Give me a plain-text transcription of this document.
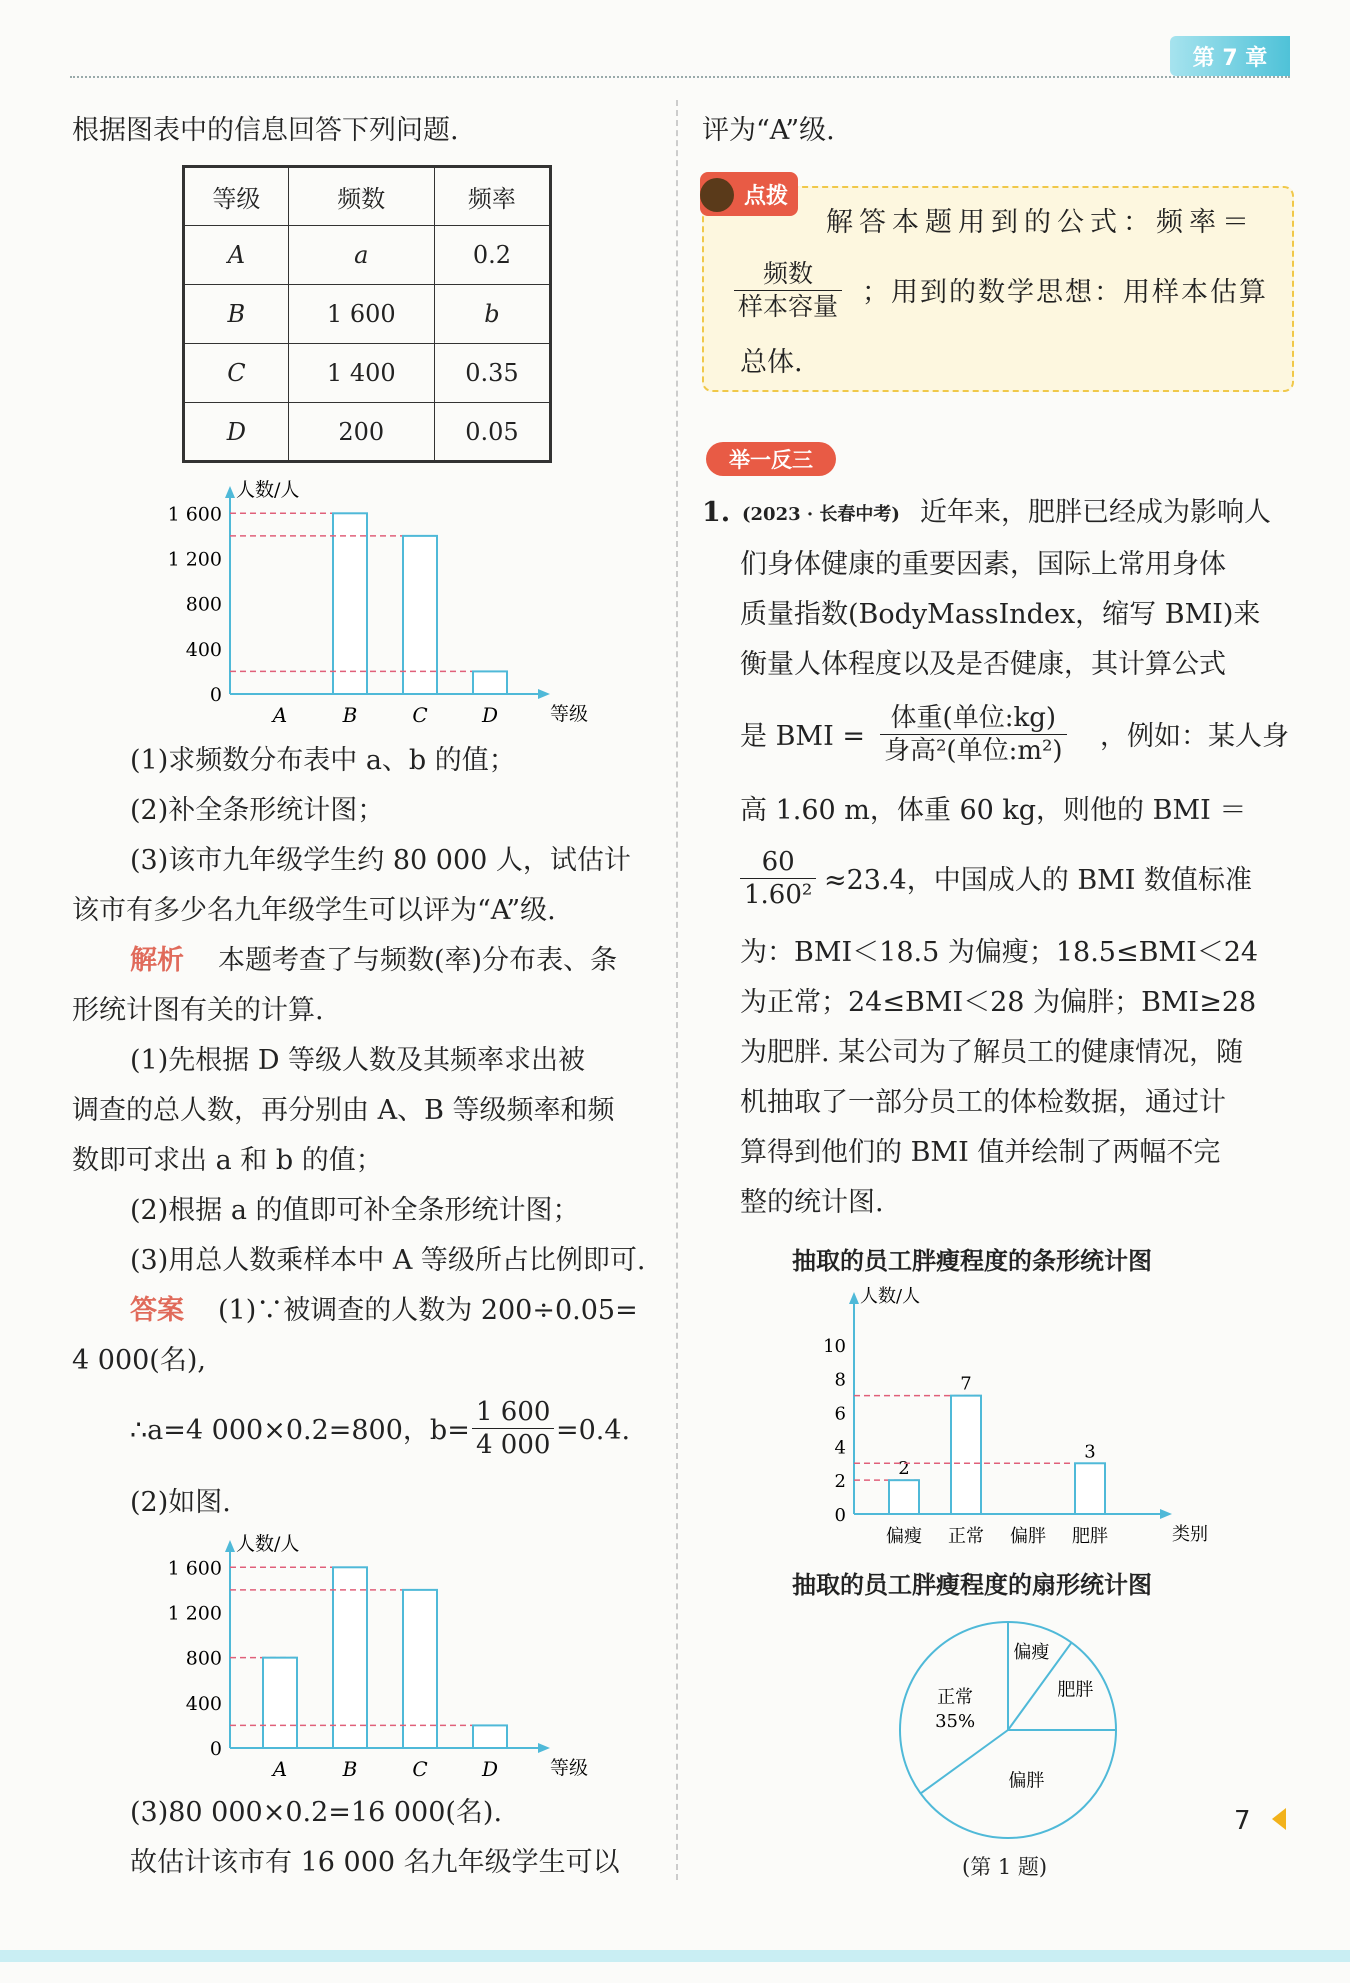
第 7 章
根据图表中的信息回答下列问题.
等级	频数	频率
A	a	0.2
B	1 600	b
C	1 400	0.35
D	200	0.05
人数/人
等级
0
400
800
1 200
1 600
A	B	C	D
(1)求频数分布表中 a、b 的值；
(2)补全条形统计图；
(3)该市九年级学生约 80 000 人，试估计
该市有多少名九年级学生可以评为“A”级.
解析 本题考查了与频数(率)分布表、条
形统计图有关的计算.
(1)先根据 D 等级人数及其频率求出被
调查的总人数，再分别由 A、B 等级频率和频
数即可求出 a 和 b 的值；
(2)根据 a 的值即可补全条形统计图；
(3)用总人数乘样本中 A 等级所占比例即可.
答案 (1)∵被调查的人数为 200÷0.05=
4 000(名),
∴a=4 000×0.2=800，$b= \frac{1 600}{4 000} =0.4$.
(2)如图.
人数/人
等级
0
400
800
1 200
1 600
A	B	C	D
(3)80 000×0.2=16 000(名).
故估计该市有 16 000 名九年级学生可以
评为“A”级.
点拨
解答本题用到的公式：频率＝
频数
样本容量 ；用到的数学思想：用样本估算
总体.
举一反三
1. (2023 · 长春中考) 近年来，肥胖已经成为影响人
们身体健康的重要因素，国际上常用身体
质量指数(BodyMassIndex，缩写 BMI)来
衡量人体程度以及是否健康，其计算公式
是 BMI =
体重(单位:kg)
身高²(单位:m²) ，例如：某人身
高 1.60 m，体重 60 kg，则他的 BMI ＝
$\frac{60}{\text{1.60²}} \approx 23.4$，中国成人的 BMI 数值标准
为：BMI＜18.5 为偏瘦；18.5≤BMI＜24
为正常；24≤BMI＜28 为偏胖；BMI≥28
为肥胖. 某公司为了解员工的健康情况，随
机抽取了一部分员工的体检数据，通过计
算得到他们的 BMI 值并绘制了两幅不完
整的统计图.
抽取的员工胖瘦程度的条形统计图
人数/人
类别
0
2
4
6
8
10
2
偏瘦
7
正常 偏胖
3
肥胖
抽取的员工胖瘦程度的扇形统计图
偏瘦
肥胖
偏胖
正常
35%
(第 1 题)
7
